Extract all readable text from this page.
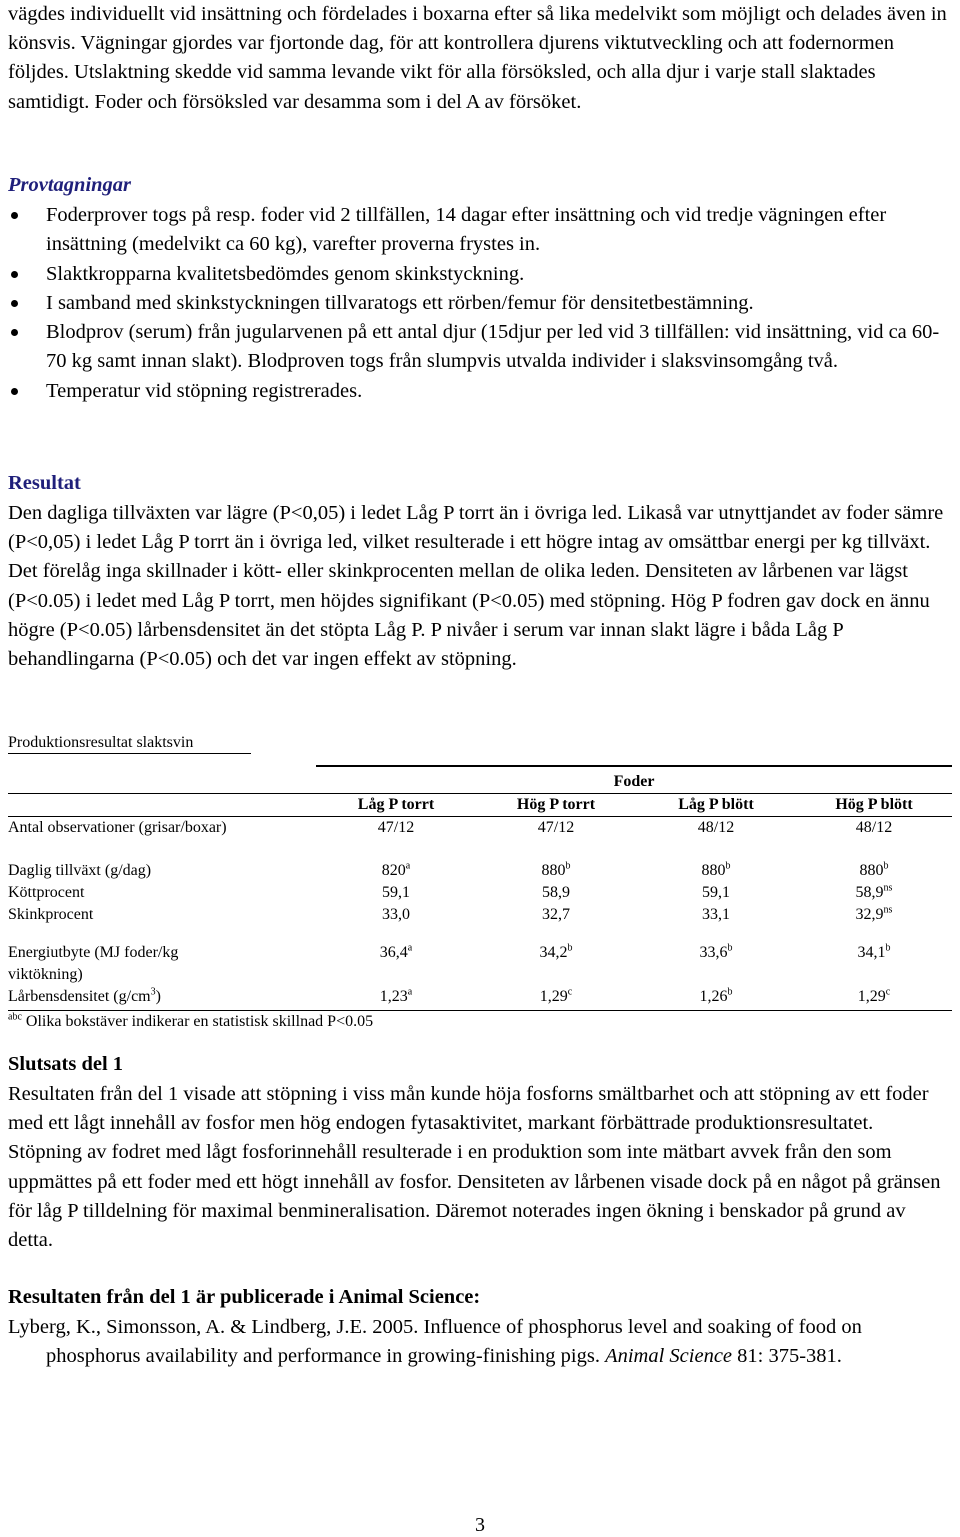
vägdes individuellt vid insättning och fördelades i boxarna efter så lika medelvikt som möjligt och delades även in könsvis. Vägningar gjordes var fjortonde dag, för att kontrollera djurens viktutveckling och att fodernormen följdes. Utslaktning skedde vid samma levande vikt för alla försöksled, och alla djur i varje stall slaktades samtidigt. Foder och försöksled var desamma som i del A av försöket.

Provtagningar

Foderprover togs på resp. foder vid 2 tillfällen, 14 dagar efter insättning och vid tredje vägningen efter insättning (medelvikt ca 60 kg), varefter proverna frystes in.
Slaktkropparna kvalitetsbedömdes genom skinkstyckning.
I samband med skinkstyckningen tillvaratogs ett rörben/femur för densitetbestämning.
Blodprov (serum) från jugularvenen på ett antal djur (15djur per led vid 3 tillfällen: vid insättning, vid ca 60-70 kg samt innan slakt). Blodproven togs från slumpvis utvalda individer i slaksvinsomgång två.
Temperatur vid stöpning registrerades.

Resultat

Den dagliga tillväxten var lägre (P<0,05) i ledet Låg P torrt än i övriga led. Likaså var utnyttjandet av foder sämre (P<0,05) i ledet Låg P torrt än i övriga led, vilket resulterade i ett högre intag av omsättbar energi per kg tillväxt. Det förelåg inga skillnader i kött- eller skinkprocenten mellan de olika leden. Densiteten av lårbenen var lägst (P<0.05) i ledet med Låg P torrt, men höjdes signifikant (P<0.05) med stöpning. Hög P fodren gav dock en ännu högre (P<0.05) lårbensdensitet än det stöpta Låg P. P nivåer i serum var innan slakt lägre i båda Låg P behandlingarna (P<0.05) och det var ingen effekt av stöpning.

Produktionsresultat slaktsvin

	Foder			
	Låg P torrt	Hög P torrt	Låg P blött	Hög P blött
Antal observationer (grisar/boxar)	47/12	47/12	48/12	48/12

Daglig tillväxt (g/dag)	820$^a$	880$^b$	880$^b$	880$^b$
Köttprocent	59,1	58,9	59,1	$58,9^{ns}$
Skinkprocent	33,0	32,7	33,1	$32,9^{ns}$

Energiutbyte (MJ foder/kg
viktökning)	36,4$^a$	34,2$^b$	33,6$^b$	34,1$^b$
Lårbensdensitet $(g/cm^3)$	1,23$^a$	1,29$^c$	1,26$^b$	1,29$^c$

$^{abc}$ Olika bokstäver indikerar en statistisk skillnad P<0.05

Slutsats del 1

Resultaten från del 1 visade att stöpning i viss mån kunde höja fosforns smältbarhet och att stöpning av ett foder med ett lågt innehåll av fosfor men hög endogen fytasaktivitet, markant förbättrade produktionsresultatet. Stöpning av fodret med lågt fosforinnehåll resulterade i en produktion som inte mätbart avvek från den som uppmättes på ett foder med ett högt innehåll av fosfor. Densiteten av lårbenen visade dock på en något på gränsen för låg P tilldelning för maximal benmineralisation. Däremot noterades ingen ökning i benskador på grund av detta.

Resultaten från del 1 är publicerade i Animal Science:

Lyberg, K., Simonsson, A. & Lindberg, J.E. 2005. Influence of phosphorus level and soaking of food on phosphorus availability and performance in growing-finishing pigs. Animal Science 81: 375-381.

3
